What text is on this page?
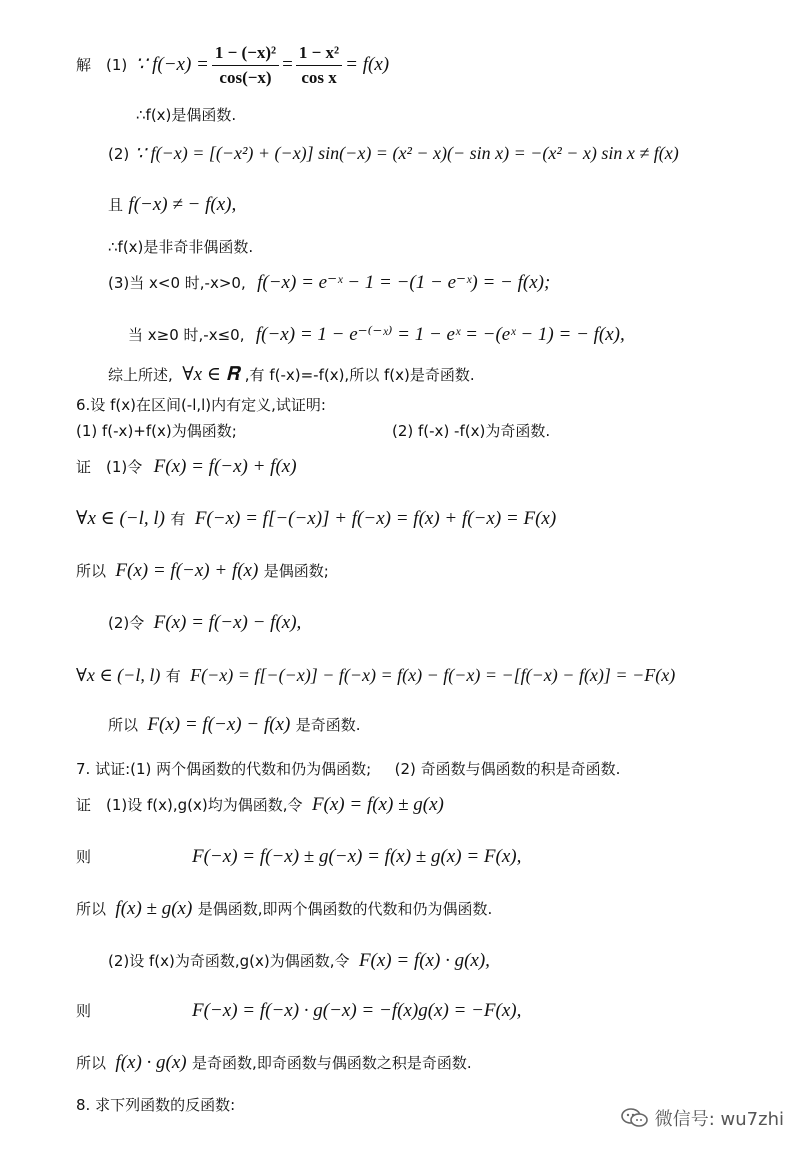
解　(1) ∵ $f(-x) = \frac{\text{1 − (−x)²}}{\cos(-x)} = \frac{\text{1 − x²}}{\text{cos x}} = f(x)$
∴f(x)是偶函数.
(2) ∵ f(−x) = [(−x²) + (−x)] sin(−x) = (x² − x)(− sin x) = −(x² − x) sin x ≠ f(x)
且 f(−x) ≠ − f(x),
∴f(x)是非奇非偶函数.
(3)当 x<0 时,-x>0, f(−x) = e⁻ˣ − 1 = −(1 − e⁻ˣ) = − f(x);
当 x≥0 时,-x≤0, f(−x) = 1 − e⁻⁽⁻ˣ⁾ = 1 − eˣ = −(eˣ − 1) = − f(x),
综上所述, ∀x ∈ 𝐑 ,有 f(-x)=-f(x),所以 f(x)是奇函数.
6.设 f(x)在区间(-l,l)内有定义,试证明:
(1) f(-x)+f(x)为偶函数;	(2) f(-x) -f(x)为奇函数.
证　(1)令 F(x) = f(−x) + f(x)
∀x ∈ (−l, l) 有 F(−x) = f[−(−x)] + f(−x) = f(x) + f(−x) = F(x)
所以 F(x) = f(−x) + f(x) 是偶函数;
(2)令 F(x) = f(−x) − f(x),
∀x ∈ (−l, l) 有 F(−x) = f[−(−x)] − f(−x) = f(x) − f(−x) = −[f(−x) − f(x)] = −F(x)
所以 F(x) = f(−x) − f(x) 是奇函数.
7. 试证:(1) 两个偶函数的代数和仍为偶函数; (2) 奇函数与偶函数的积是奇函数.
证　(1)设 f(x),g(x)均为偶函数,令 F(x) = f(x) ± g(x)
则	F(−x) = f(−x) ± g(−x) = f(x) ± g(x) = F(x),
所以 f(x) ± g(x) 是偶函数,即两个偶函数的代数和仍为偶函数.
(2)设 f(x)为奇函数,g(x)为偶函数,令 F(x) = f(x) · g(x),
则	F(−x) = f(−x) · g(−x) = −f(x)g(x) = −F(x),
所以 f(x) · g(x) 是奇函数,即奇函数与偶函数之积是奇函数.
8. 求下列函数的反函数:
微信号: wu7zhi
